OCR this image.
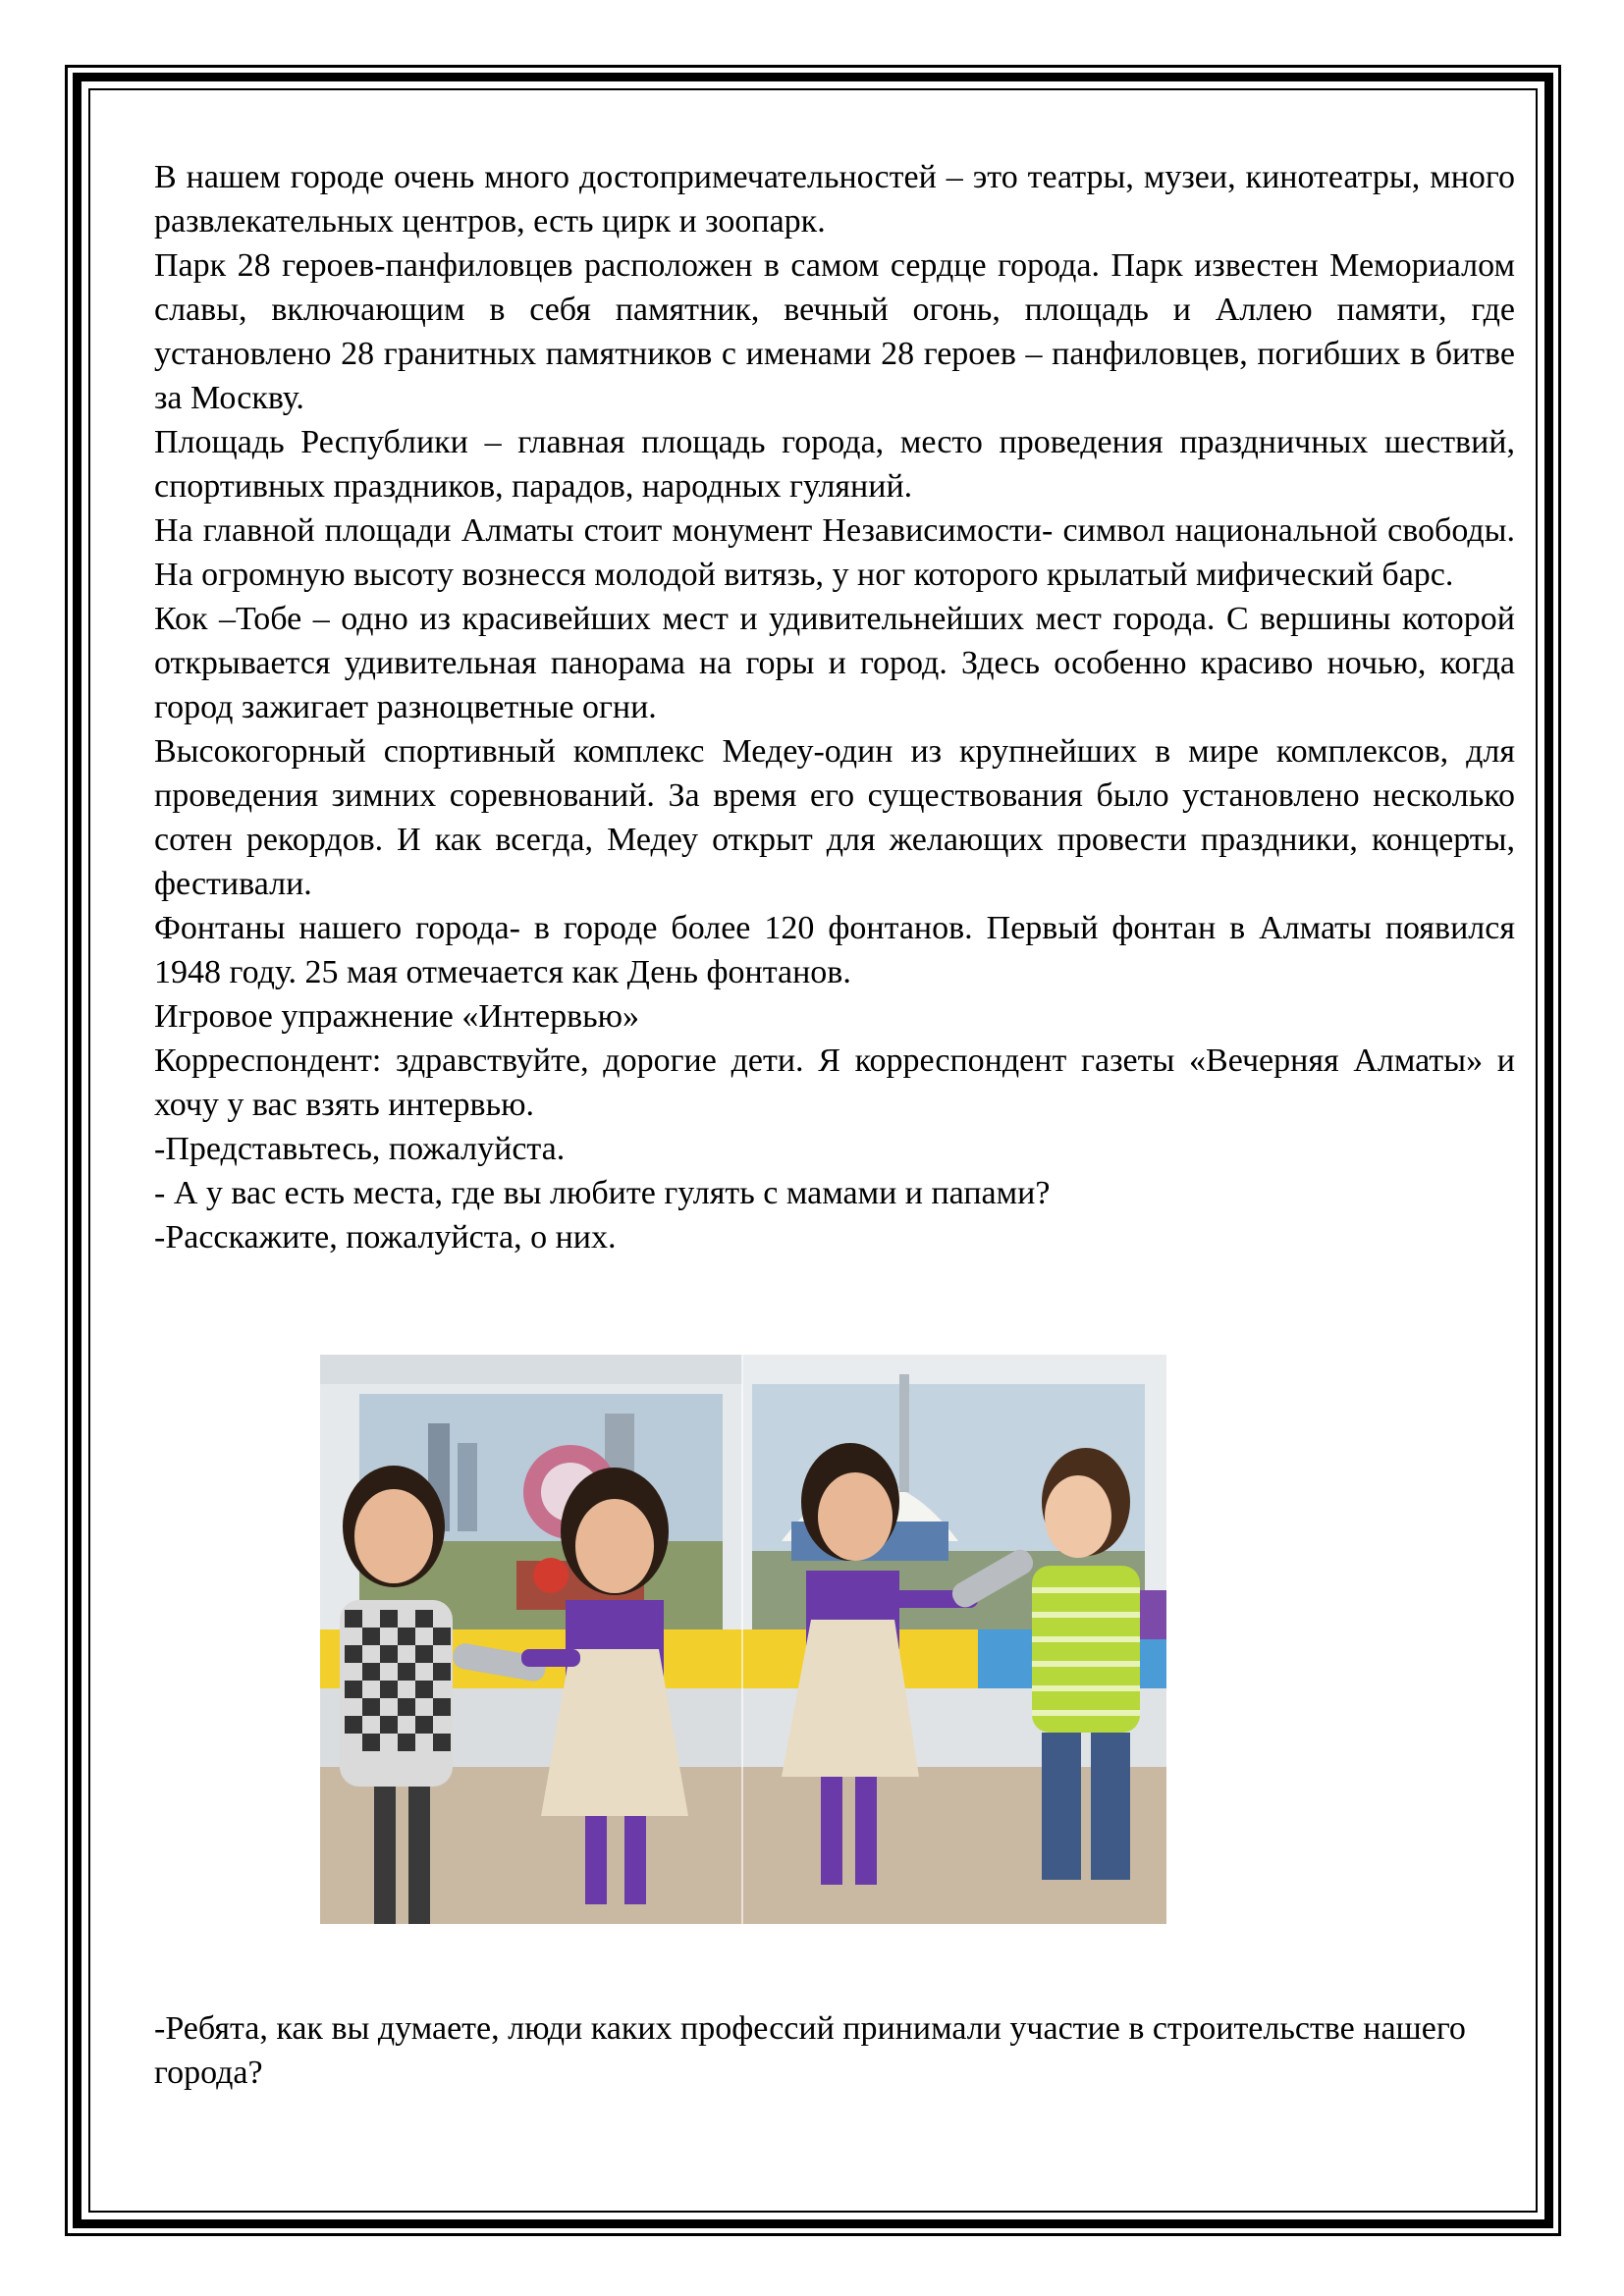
В нашем городе очень много достопримечательностей – это театры, музеи, кинотеатры, много развлекательных центров, есть цирк и зоопарк.

Парк 28 героев-панфиловцев расположен в самом сердце города. Парк известен Мемориалом славы, включающим в себя памятник, вечный огонь, площадь и Аллею памяти, где установлено 28 гранитных памятников с именами 28 героев – панфиловцев, погибших в битве за Москву.

Площадь Республики – главная площадь города, место проведения праздничных шествий, спортивных праздников, парадов, народных гуляний.

На главной площади Алматы стоит монумент Независимости- символ национальной свободы. На огромную высоту вознесся молодой витязь, у ног которого крылатый мифический барс.

Кок –Тобе – одно из красивейших мест и удивительнейших мест города. С вершины которой открывается удивительная панорама на горы и город. Здесь особенно красиво ночью, когда город зажигает разноцветные огни.

Высокогорный спортивный комплекс Медеу-один из крупнейших в мире комплексов, для проведения зимних соревнований. За время его существования было установлено несколько сотен рекордов. И как всегда, Медеу открыт для желающих провести праздники, концерты, фестивали.

Фонтаны нашего города- в городе более 120 фонтанов. Первый фонтан в Алматы появился 1948 году. 25 мая отмечается как День фонтанов.

Игровое упражнение «Интервью»

Корреспондент: здравствуйте, дорогие дети. Я корреспондент газеты «Вечерняя Алматы» и хочу у вас взять интервью.

-Представьтесь, пожалуйста.

- А у вас есть места, где вы любите гулять с мамами и папами?

-Расскажите, пожалуйста, о них.

-Ребята, как вы думаете, люди каких профессий принимали участие в строительстве нашего города?
